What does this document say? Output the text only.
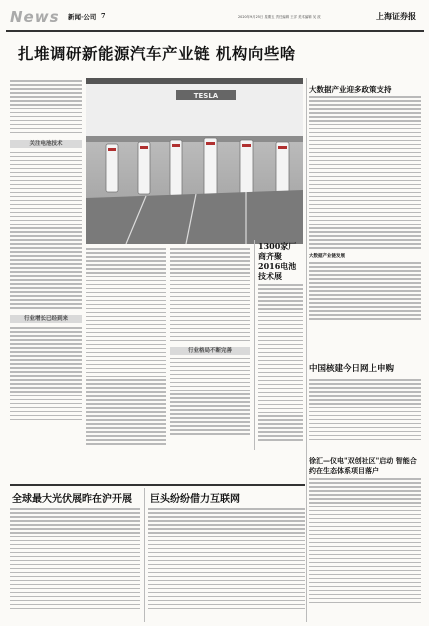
News 新闻·公司 7	2020年9月25日 星期五 责任编辑 王洋 美术编辑 吴 波	上海证券报
扎堆调研新能源汽车产业链 机构向些啥
大数据产业迎多政策支持
关注电池技术
行业增长已经到来
行业格局不断完善
TESLA
大数据产业链发展
1300家厂商齐聚 2016电池技术展
中国核建今日网上申购
徐汇—仪电"双创社区"启动 智能合约在生态体系项目落户
全球最大光伏展昨在沪开展 巨头纷纷借力互联网
